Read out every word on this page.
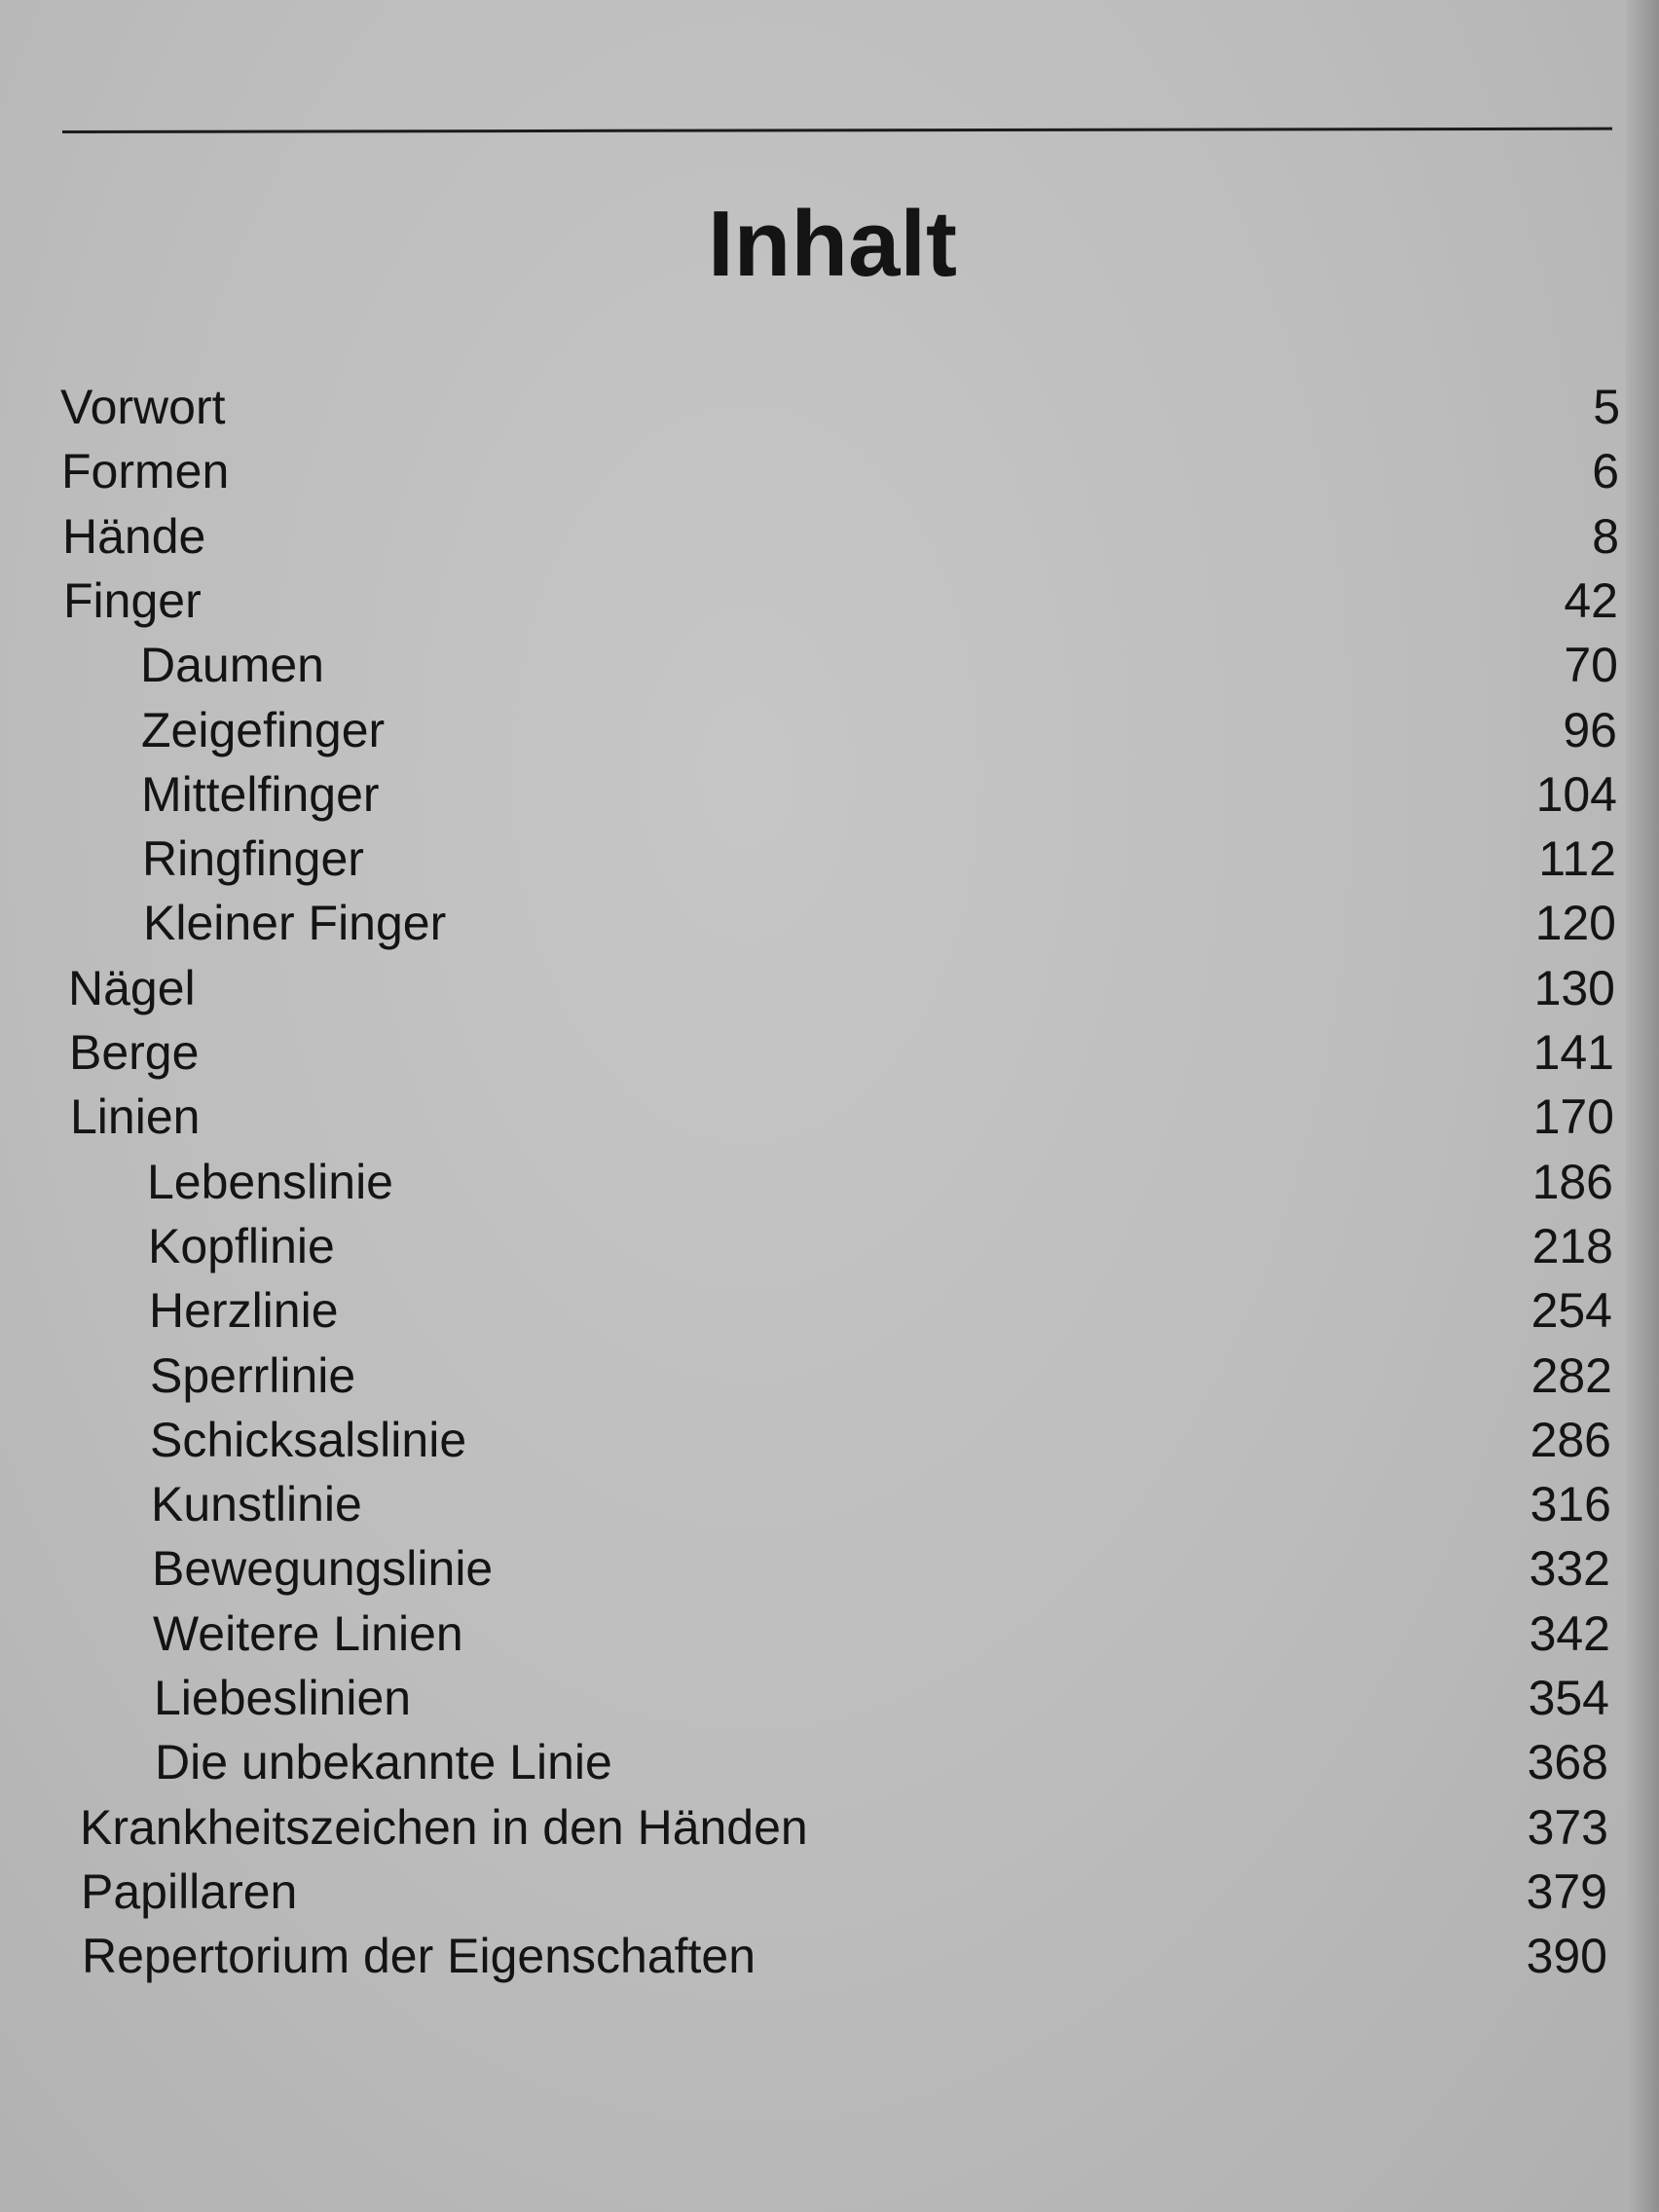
Inhalt
Vorwort	5
Formen	6
Hände	8
Finger	42
Daumen	70
Zeigefinger	96
Mittelfinger	104
Ringfinger	112
Kleiner Finger	120
Nägel	130
Berge	141
Linien	170
Lebenslinie	186
Kopflinie	218
Herzlinie	254
Sperrlinie	282
Schicksalslinie	286
Kunstlinie	316
Bewegungslinie	332
Weitere Linien	342
Liebeslinien	354
Die unbekannte Linie	368
Krankheitszeichen in den Händen	373
Papillaren	379
Repertorium der Eigenschaften	390
